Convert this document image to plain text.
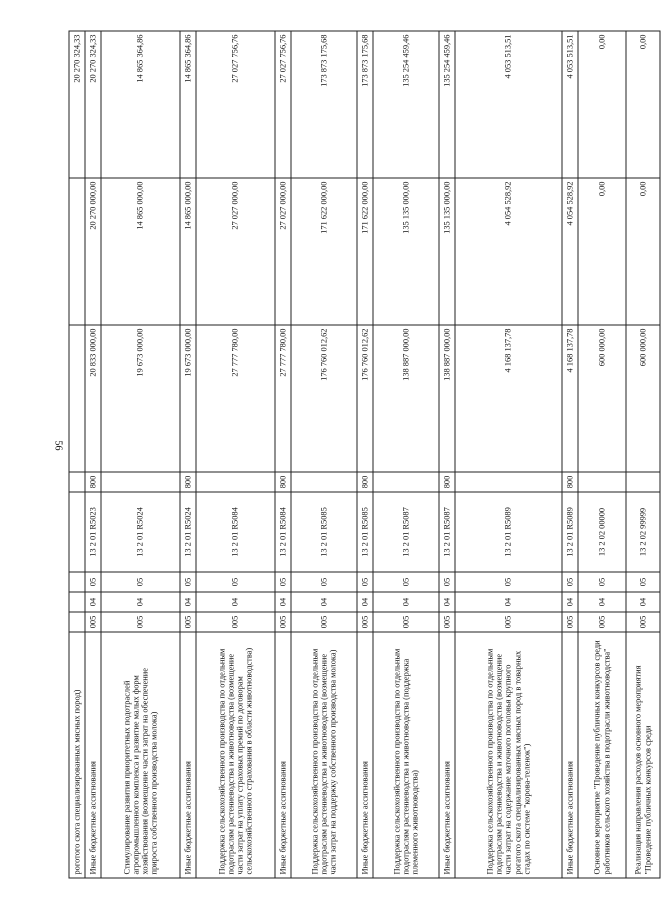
56
роготого скота специализированных мясных пород)								20 270 324,33
Иные бюджетные ассигнования	005	04	05	13 2 01 R5023	800	20 833 000,00	20 270 000,00	20 270 324,33
Стимулирование развития приоритетных подотраслей агропромышленного комплекса и развитие малых форм хозяйствования (возмещение части затрат на обеспечение прироста собственного производства молока)	005	04	05	13 2 01 R5024		19 673 000,00	14 865 000,00	14 865 364,86
Иные бюджетные ассигнования	005	04	05	13 2 01 R5024	800	19 673 000,00	14 865 000,00	14 865 364,86
Поддержка сельскохозяйственного производства по отдельным подотраслям растениеводства и животноводства (возмещение части затрат на уплату страховых премий по договорам сельскохозяйственного страхования в области животноводства)	005	04	05	13 2 01 R5084		27 777 780,00	27 027 000,00	27 027 756,76
Иные бюджетные ассигнования	005	04	05	13 2 01 R5084	800	27 777 780,00	27 027 000,00	27 027 756,76
Поддержка сельскохозяйственного производства по отдельным подотраслям растениеводства и животноводства (возмещение части затрат на поддержку собственного производства молока)	005	04	05	13 2 01 R5085		176 760 012,62	171 622 000,00	173 873 175,68
Иные бюджетные ассигнования	005	04	05	13 2 01 R5085	800	176 760 012,62	171 622 000,00	173 873 175,68
Поддержка сельскохозяйственного производства по отдельным подотраслям растениеводства и животноводства (поддержка племенного животноводства)	005	04	05	13 2 01 R5087		138 887 000,00	135 135 000,00	135 254 459,46
Иные бюджетные ассигнования	005	04	05	13 2 01 R5087	800	138 887 000,00	135 135 000,00	135 254 459,46
Поддержка сельскохозяйственного производства по отдельным подотраслям растениеводства и животноводства (возмещение части затрат на содержание маточного поголовья крупного рогатого скота специализированных мясных пород в товарных стадах по системе "корова-теленок")	005	04	05	13 2 01 R5089		4 168 137,78	4 054 528,92	4 053 513,51
Иные бюджетные ассигнования	005	04	05	13 2 01 R5089	800	4 168 137,78	4 054 528,92	4 053 513,51
Основное мероприятие "Проведение публичных конкурсов среди работников сельского хозяйства в подотрасли животноводства"	005	04	05	13 2 02 00000		600 000,00	0,00	0,00
Реализация направления расходов основного мероприятия "Проведение публичных конкурсов среди	005	04	05	13 2 02 99999		600 000,00	0,00	0,00
